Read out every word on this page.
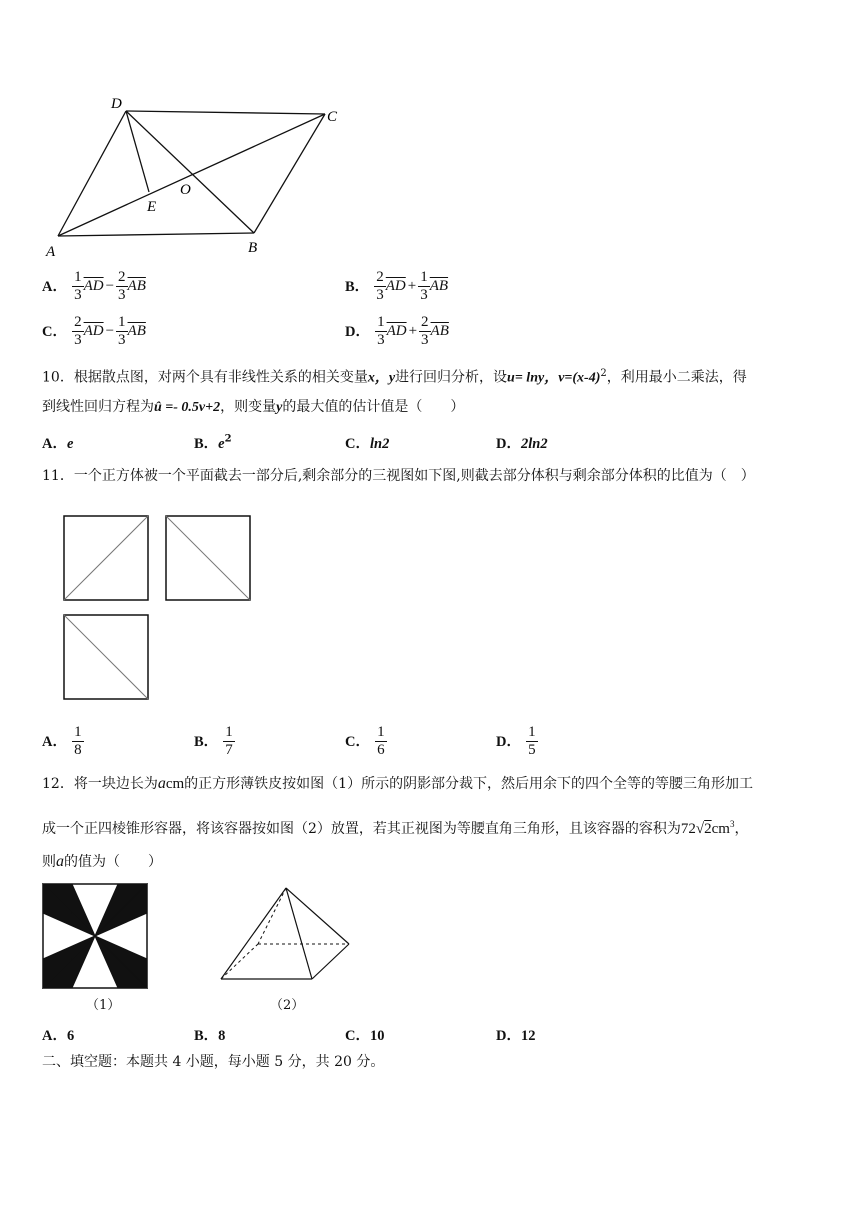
D
C
A	B
E
O
A． $\frac{1}{3} \overline{AD} - \frac{2}{3} \overline{AB}$	B． $\frac{2}{3} \overline{AD} + \frac{1}{3} \overline{AB}$
C． $\frac{2}{3} \overline{AD} - \frac{1}{3} \overline{AB}$	D． $\frac{1}{3} \overline{AD} + \frac{2}{3} \overline{AB}$
10．根据散点图，对两个具有非线性关系的相关变量x，y进行回归分析，设u= lny，$v=(x-4)^2$，利用最小二乘法，得
到线性回归方程为û =- 0.5v+2，则变量y的最大值的估计值是（　　）
A．e	B．$e^2$	C．ln2	D．2ln2
11．一个正方体被一个平面截去一部分后,剩余部分的三视图如下图,则截去部分体积与剩余部分体积的比值为（　）
A． $\frac{1}{8}$	B． $\frac{1}{7}$	C． $\frac{1}{6}$	D． $\frac{1}{5}$
12．将一块边长为acm的正方形薄铁皮按如图（1）所示的阴影部分裁下，然后用余下的四个全等的等腰三角形加工
成一个正四棱锥形容器，将该容器按如图（2）放置，若其正视图为等腰直角三角形，且该容器的容积为$72√2cm^3$，
则a的值为（　　）
（1）	（2）
A．6	B．8	C．10	D．12
二、填空题：本题共 4 小题，每小题 5 分，共 20 分。
